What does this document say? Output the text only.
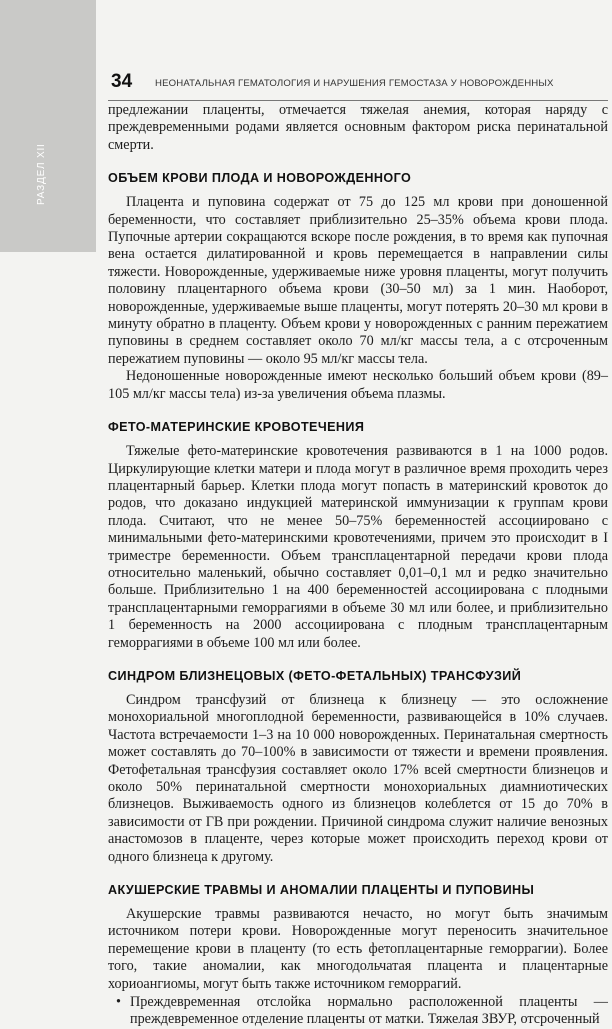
РАЗДЕЛ XII
34 НЕОНАТАЛЬНАЯ ГЕМАТОЛОГИЯ И НАРУШЕНИЯ ГЕМОСТАЗА У НОВОРОЖДЕННЫХ

предлежании плаценты, отмечается тяжелая анемия, которая наряду с преждевременными родами является основным фактором риска перинатальной смерти.

ОБЪЕМ КРОВИ ПЛОДА И НОВОРОЖДЕННОГО

Плацента и пуповина содержат от 75 до 125 мл крови при доношенной беременности, что составляет приблизительно 25–35% объема крови плода. Пупочные артерии сокращаются вскоре после рождения, в то время как пупочная вена остается дилатированной и кровь перемещается в направлении силы тяжести. Новорожденные, удерживаемые ниже уровня плаценты, могут получить половину плацентарного объема крови (30–50 мл) за 1 мин. Наоборот, новорожденные, удерживаемые выше плаценты, могут потерять 20–30 мл крови в минуту обратно в плаценту. Объем крови у новорожденных с ранним пережатием пуповины в среднем составляет около 70 мл/кг массы тела, а с отсроченным пережатием пуповины — около 95 мл/кг массы тела.

Недоношенные новорожденные имеют несколько больший объем крови (89–105 мл/кг массы тела) из-за увеличения объема плазмы.

ФЕТО-МАТЕРИНСКИЕ КРОВОТЕЧЕНИЯ

Тяжелые фето-материнские кровотечения развиваются в 1 на 1000 родов. Циркулирующие клетки матери и плода могут в различное время проходить через плацентарный барьер. Клетки плода могут попасть в материнский кровоток до родов, что доказано индукцией материнской иммунизации к группам крови плода. Считают, что не менее 50–75% беременностей ассоциировано с минимальными фето-материнскими кровотечениями, причем это происходит в I триместре беременности. Объем трансплацентарной передачи крови плода относительно маленький, обычно составляет 0,01–0,1 мл и редко значительно больше. Приблизительно 1 на 400 беременностей ассоциирована с плодными трансплацентарными геморрагиями в объеме 30 мл или более, и приблизительно 1 беременность на 2000 ассоциирована с плодным трансплацентарным геморрагиями в объеме 100 мл или более.

СИНДРОМ БЛИЗНЕЦОВЫХ (ФЕТО-ФЕТАЛЬНЫХ) ТРАНСФУЗИЙ

Синдром трансфузий от близнеца к близнецу — это осложнение монохориальной многоплодной беременности, развивающейся в 10% случаев. Частота встречаемости 1–3 на 10 000 новорожденных. Перинатальная смертность может составлять до 70–100% в зависимости от тяжести и времени проявления. Фетофетальная трансфузия составляет около 17% всей смертности близнецов и около 50% перинатальной смертности монохориальных диамниотических близнецов. Выживаемость одного из близнецов колеблется от 15 до 70% в зависимости от ГВ при рождении. Причиной синдрома служит наличие венозных анастомозов в плаценте, через которые может происходить переход крови от одного близнеца к другому.

АКУШЕРСКИЕ ТРАВМЫ И АНОМАЛИИ ПЛАЦЕНТЫ И ПУПОВИНЫ

Акушерские травмы развиваются нечасто, но могут быть значимым источником потери крови. Новорожденные могут переносить значительное перемещение крови в плаценту (то есть фетоплацентарные геморрагии). Более того, такие аномалии, как многодольчатая плацента и плацентарные хориоангиомы, могут быть также источником геморрагий.

• Преждевременная отслойка нормально расположенной плаценты — преждевременное отделение плаценты от матки. Тяжелая ЗВУР, отсроченный
